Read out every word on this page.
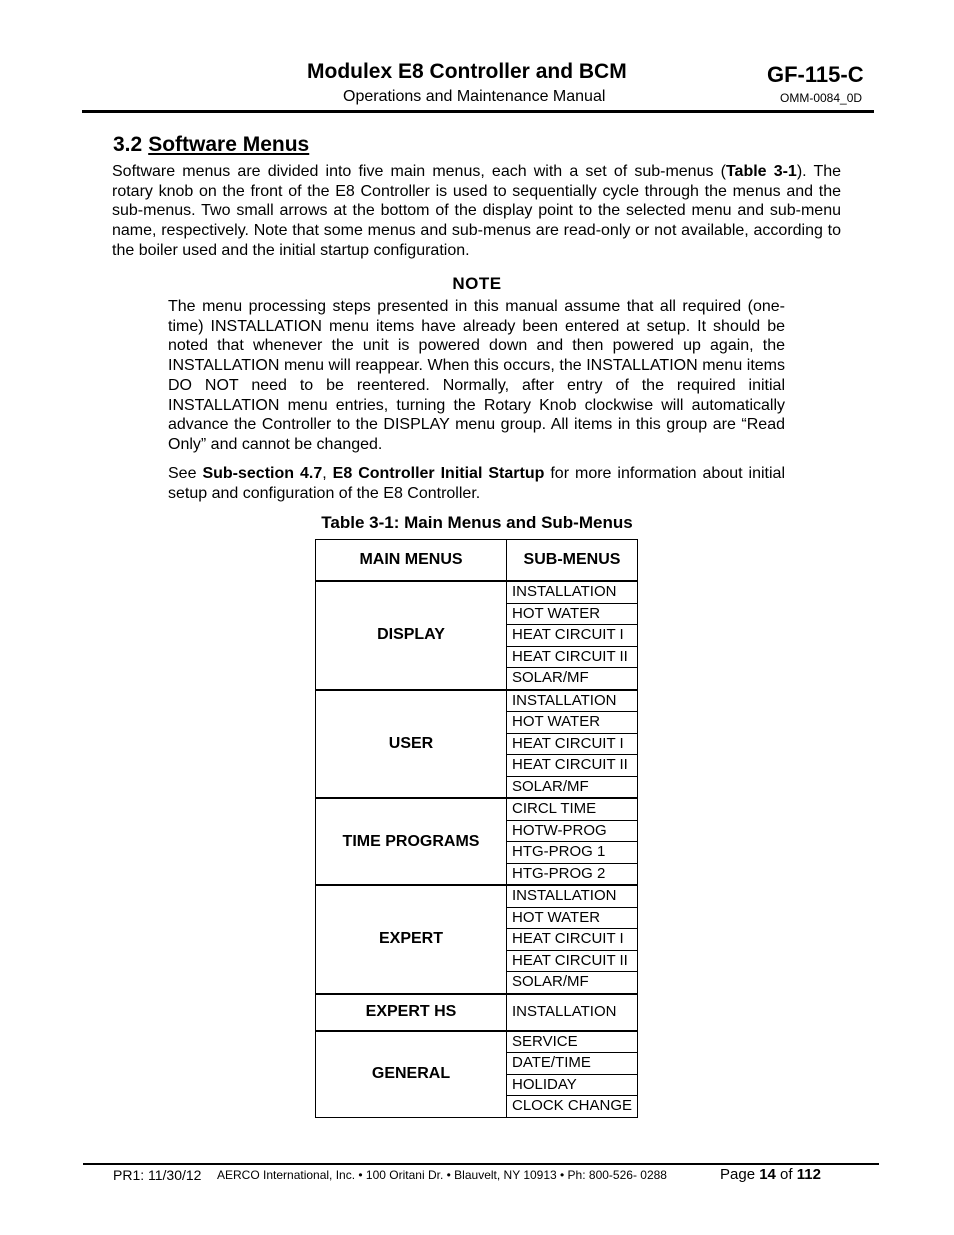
Modulex E8 Controller and BCM
Operations and Maintenance Manual
GF-115-C
OMM-0084_0D
3.2 Software Menus
Software menus are divided into five main menus, each with a set of sub-menus (Table 3-1). The rotary knob on the front of the E8 Controller is used to sequentially cycle through the menus and the sub-menus. Two small arrows at the bottom of the display point to the selected menu and sub-menu name, respectively. Note that some menus and sub-menus are read-only or not available, according to the boiler used and the initial startup configuration.
NOTE
The menu processing steps presented in this manual assume that all required (one-time) INSTALLATION menu items have already been entered at setup. It should be noted that whenever the unit is powered down and then powered up again, the INSTALLATION menu will reappear. When this occurs, the INSTALLATION menu items DO NOT need to be reentered. Normally, after entry of the required initial INSTALLATION menu entries, turning the Rotary Knob clockwise will automatically advance the Controller to the DISPLAY menu group. All items in this group are “Read Only” and cannot be changed.
See Sub-section 4.7, E8 Controller Initial Startup for more information about initial setup and configuration of the E8 Controller.
Table 3-1: Main Menus and Sub-Menus
MAIN MENUS	SUB-MENUS
DISPLAY	INSTALLATION
	HOT WATER
	HEAT CIRCUIT I
	HEAT CIRCUIT II
	SOLAR/MF
USER	INSTALLATION
	HOT WATER
	HEAT CIRCUIT I
	HEAT CIRCUIT II
	SOLAR/MF
TIME PROGRAMS	CIRCL TIME
	HOTW-PROG
	HTG-PROG 1
	HTG-PROG 2
EXPERT	INSTALLATION
	HOT WATER
	HEAT CIRCUIT I
	HEAT CIRCUIT II
	SOLAR/MF
EXPERT HS	INSTALLATION
GENERAL	SERVICE
	DATE/TIME
	HOLIDAY
	CLOCK CHANGE
PR1: 11/30/12 AERCO International, Inc. • 100 Oritani Dr. • Blauvelt, NY 10913 • Ph: 800-526- 0288	Page 14 of 112
